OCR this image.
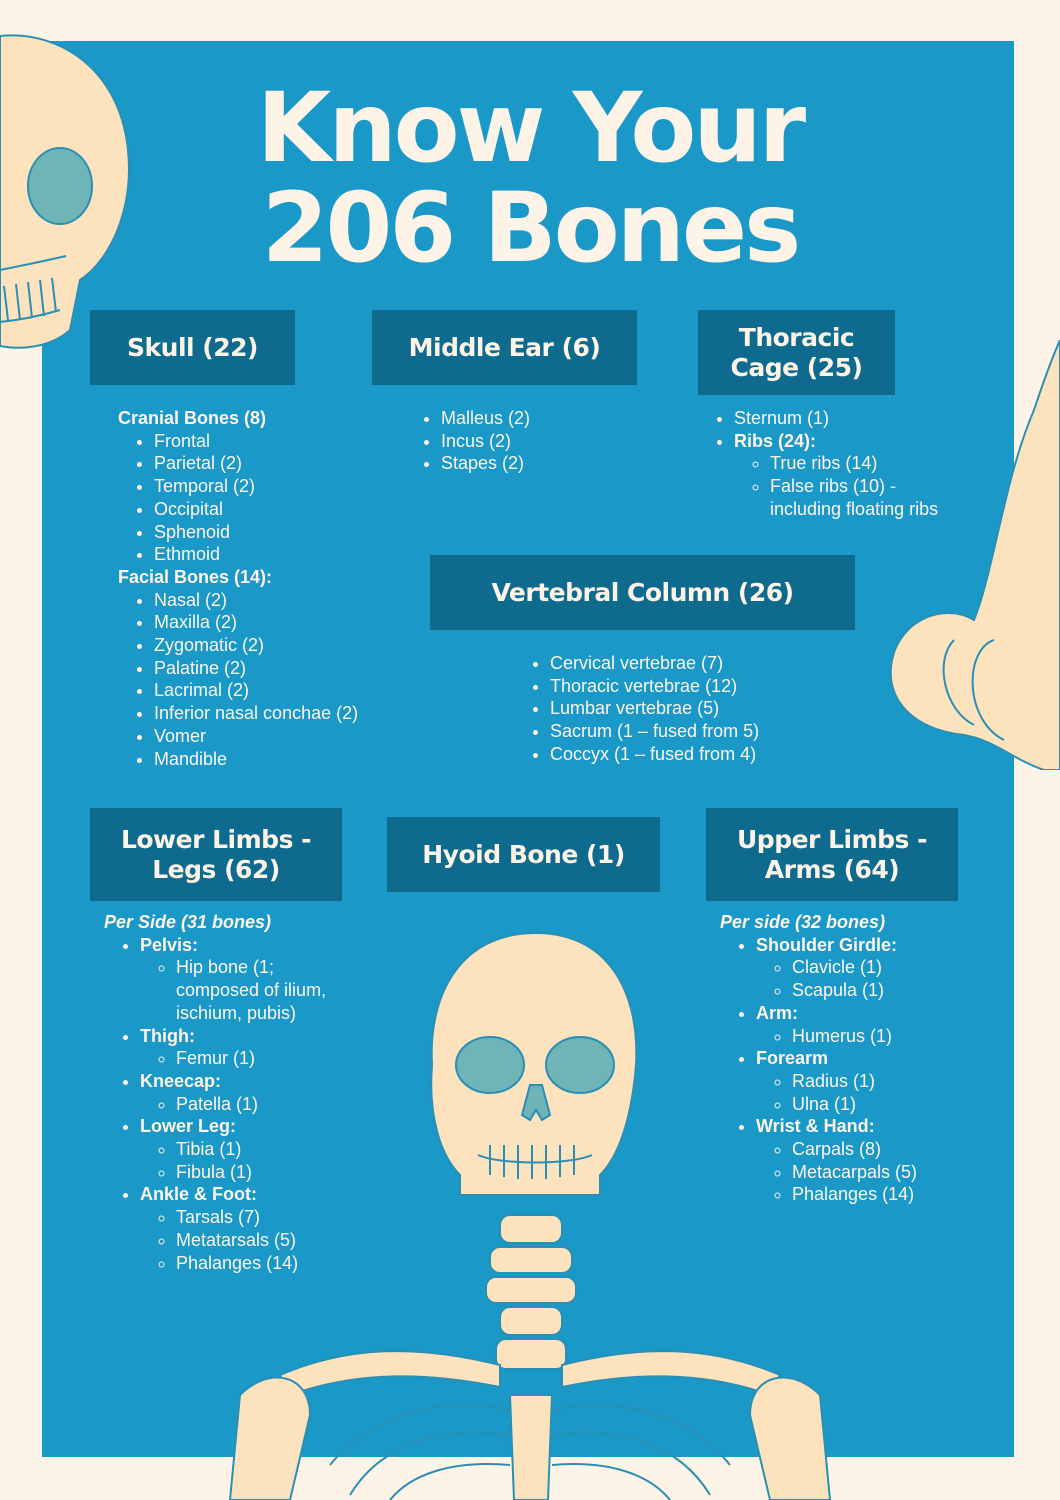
Know Your
206 Bones
Skull (22)
Cranial Bones (8)
• Frontal
• Parietal (2)
• Temporal (2)
• Occipital
• Sphenoid
• Ethmoid
Facial Bones (14):
• Nasal (2)
• Maxilla (2)
• Zygomatic (2)
• Palatine (2)
• Lacrimal (2)
• Inferior nasal conchae (2)
• Vomer
• Mandible
Middle Ear (6)
• Malleus (2)
• Incus (2)
• Stapes (2)
Thoracic
Cage (25)
• Sternum (1)
• Ribs (24):
◦ True ribs (14)
◦ False ribs (10) -
including floating ribs
Vertebral Column (26)
• Cervical vertebrae (7)
• Thoracic vertebrae (12)
• Lumbar vertebrae (5)
• Sacrum (1 – fused from 5)
• Coccyx (1 – fused from 4)
Lower Limbs -
Legs (62)
Per Side (31 bones)
• Pelvis:
◦ Hip bone (1;
composed of ilium,
ischium, pubis)
• Thigh:
◦ Femur (1)
• Kneecap:
◦ Patella (1)
• Lower Leg:
◦ Tibia (1)
◦ Fibula (1)
• Ankle & Foot:
◦ Tarsals (7)
◦ Metatarsals (5)
◦ Phalanges (14)
Hyoid Bone (1)
Upper Limbs -
Arms (64)
Per side (32 bones)
• Shoulder Girdle:
◦ Clavicle (1)
◦ Scapula (1)
• Arm:
◦ Humerus (1)
• Forearm
◦ Radius (1)
◦ Ulna (1)
• Wrist & Hand:
◦ Carpals (8)
◦ Metacarpals (5)
◦ Phalanges (14)
